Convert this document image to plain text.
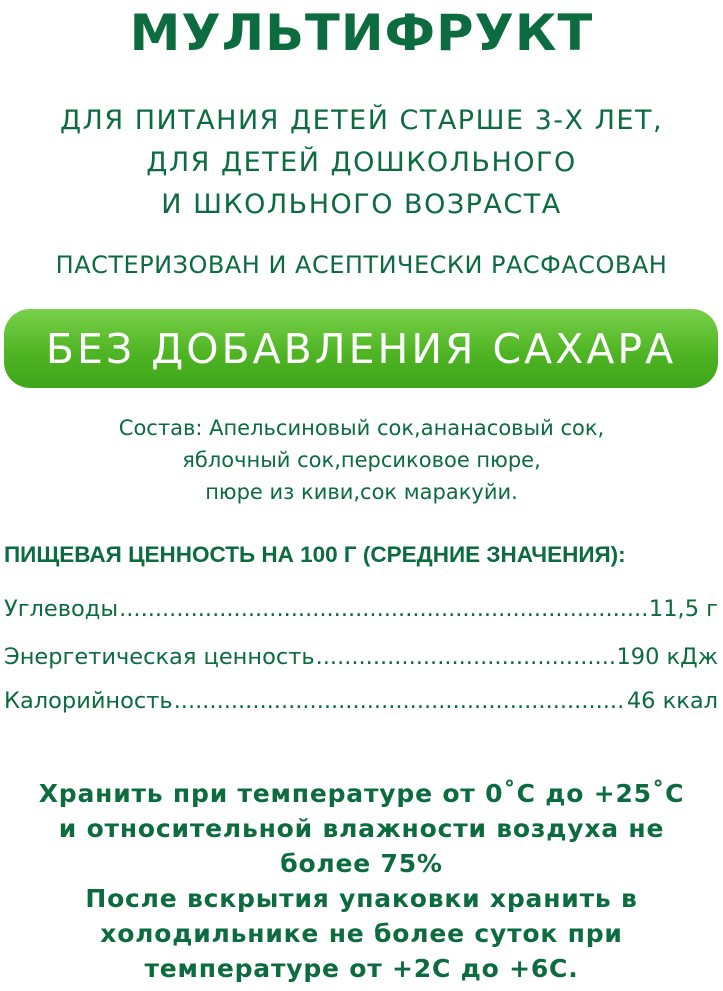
МУЛЬТИФРУКТ
ДЛЯ ПИТАНИЯ ДЕТЕЙ СТАРШЕ 3-Х ЛЕТ,
ДЛЯ ДЕТЕЙ ДОШКОЛЬНОГО
И ШКОЛЬНОГО ВОЗРАСТА
ПАСТЕРИЗОВАН И АСЕПТИЧЕСКИ РАСФАСОВАН
БЕЗ ДОБАВЛЕНИЯ САХАРА
Состав: Апельсиновый сок,ананасовый сок,
яблочный сок,персиковое пюре,
пюре из киви,сок маракуйи.
ПИЩЕВАЯ ЦЕННОСТЬ НА 100 Г (СРЕДНИЕ ЗНАЧЕНИЯ):
Углеводы .....	11,5 г
Энергетическая ценность .....	190 кДж
Калорийность .....	46 ккал
Хранить при температуре от 0˚С до +25˚С
и относительной влажности воздуха не
более 75%
После вскрытия упаковки хранить в
холодильнике не более суток при
температуре от +2С до +6С.
